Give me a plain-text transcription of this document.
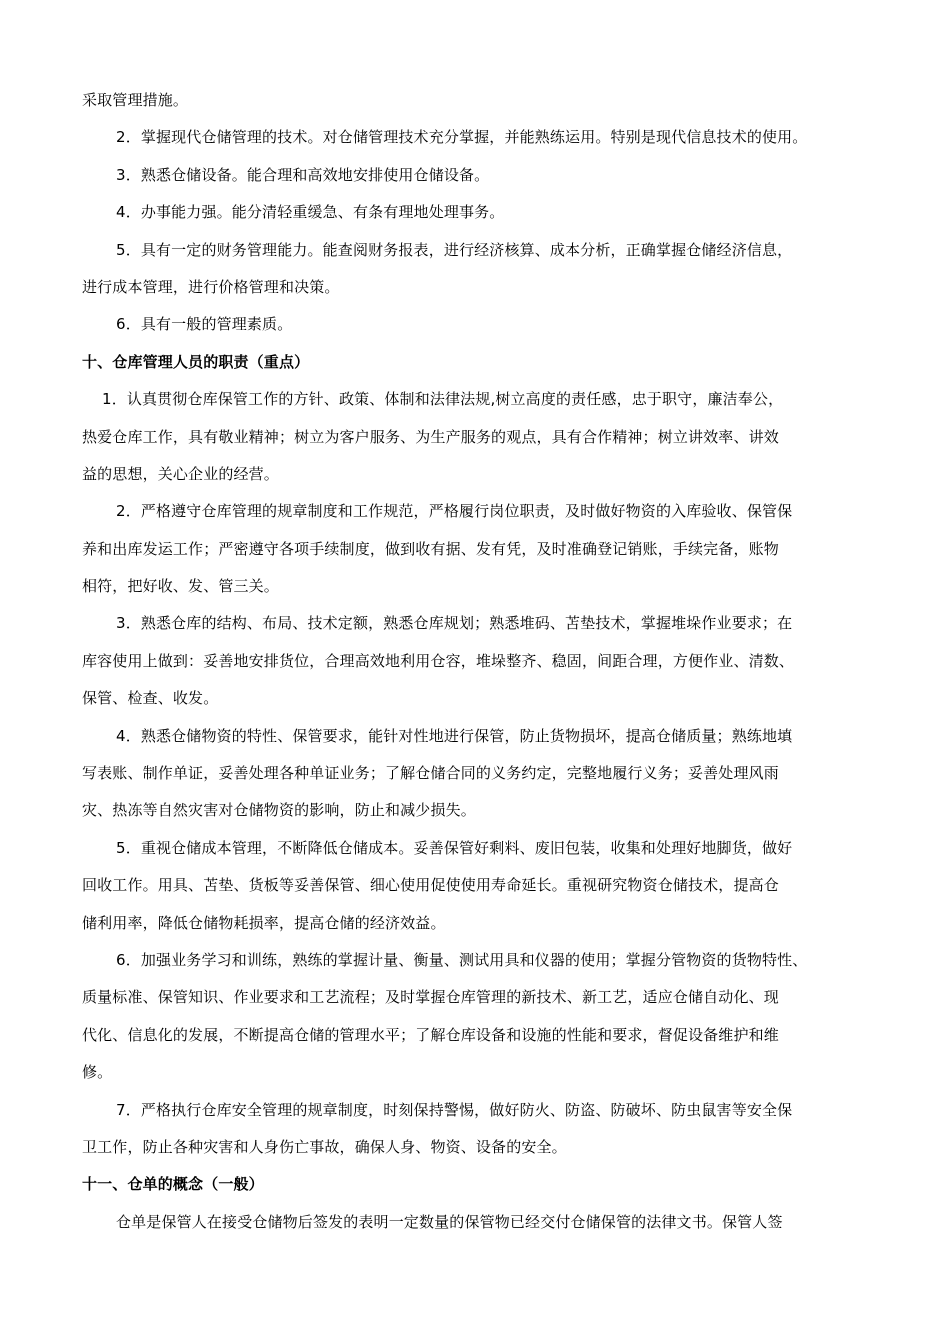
采取管理措施。
2．掌握现代仓储管理的技术。对仓储管理技术充分掌握，并能熟练运用。特别是现代信息技术的使用。
3．熟悉仓储设备。能合理和高效地安排使用仓储设备。
4．办事能力强。能分清轻重缓急、有条有理地处理事务。
5．具有一定的财务管理能力。能查阅财务报表，进行经济核算、成本分析，正确掌握仓储经济信息，
进行成本管理，进行价格管理和决策。
6．具有一般的管理素质。
十、仓库管理人员的职责（重点）
1．认真贯彻仓库保管工作的方针、政策、体制和法律法规,树立高度的责任感，忠于职守，廉洁奉公，
热爱仓库工作，具有敬业精神；树立为客户服务、为生产服务的观点，具有合作精神；树立讲效率、讲效
益的思想，关心企业的经营。
2．严格遵守仓库管理的规章制度和工作规范，严格履行岗位职责，及时做好物资的入库验收、保管保
养和出库发运工作；严密遵守各项手续制度，做到收有据、发有凭，及时准确登记销账，手续完备，账物
相符，把好收、发、管三关。
3．熟悉仓库的结构、布局、技术定额，熟悉仓库规划；熟悉堆码、苫垫技术，掌握堆垛作业要求；在
库容使用上做到：妥善地安排货位，合理高效地利用仓容，堆垛整齐、稳固，间距合理，方便作业、清数、
保管、检查、收发。
4．熟悉仓储物资的特性、保管要求，能针对性地进行保管，防止货物损坏，提高仓储质量；熟练地填
写表账、制作单证，妥善处理各种单证业务；了解仓储合同的义务约定，完整地履行义务；妥善处理风雨
灾、热冻等自然灾害对仓储物资的影响，防止和减少损失。
5．重视仓储成本管理，不断降低仓储成本。妥善保管好剩料、废旧包装，收集和处理好地脚货，做好
回收工作。用具、苫垫、货板等妥善保管、细心使用促使使用寿命延长。重视研究物资仓储技术，提高仓
储利用率，降低仓储物耗损率，提高仓储的经济效益。
6．加强业务学习和训练，熟练的掌握计量、衡量、测试用具和仪器的使用；掌握分管物资的货物特性、
质量标准、保管知识、作业要求和工艺流程；及时掌握仓库管理的新技术、新工艺，适应仓储自动化、现
代化、信息化的发展，不断提高仓储的管理水平；了解仓库设备和设施的性能和要求，督促设备维护和维
修。
7．严格执行仓库安全管理的规章制度，时刻保持警惕，做好防火、防盗、防破坏、防虫鼠害等安全保
卫工作，防止各种灾害和人身伤亡事故，确保人身、物资、设备的安全。
十一、仓单的概念（一般）
仓单是保管人在接受仓储物后签发的表明一定数量的保管物已经交付仓储保管的法律文书。保管人签
